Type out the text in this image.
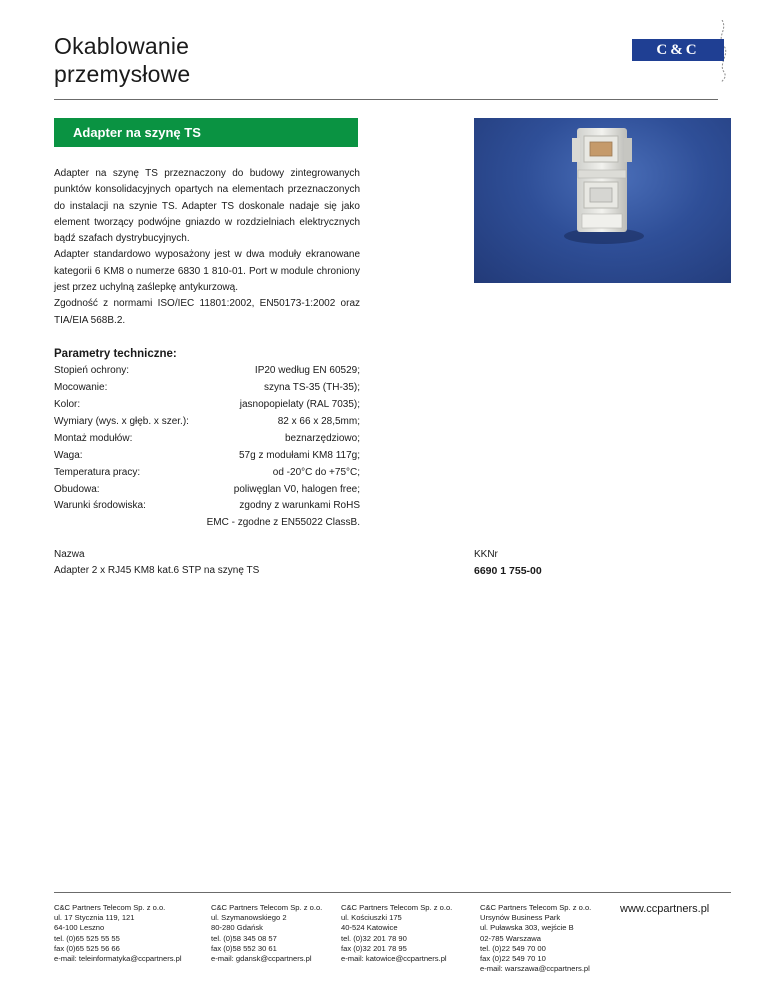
Okablowanie
przemysłowe
C&C
Adapter na szynę TS

Adapter na szynę TS przeznaczony do budowy zintegrowanych punktów konsolidacyjnych opartych na elementach przeznaczonych do instalacji na szynie TS. Adapter TS doskonale nadaje się jako element tworzący podwójne gniazdo w rozdzielniach elektrycznych bądź szafach dystrybucyjnych.

Adapter standardowo wyposażony jest w dwa moduły ekranowane kategorii 6 KM8 o numerze 6830 1 810-01. Port w module chroniony jest przez uchylną zaślepkę antykurzową.

Zgodność z normami ISO/IEC 11801:2002, EN50173-1:2002 oraz TIA/EIA 568B.2.

Parametry techniczne:
Stopień ochrony:	IP20 według EN 60529;
Mocowanie:	szyna TS-35 (TH-35);
Kolor:	jasnopopielaty (RAL 7035);
Wymiary (wys. x głęb. x szer.):	82 x 66 x 28,5mm;
Montaż modułów:	beznarzędziowo;
Waga:	57g z modułami KM8 117g;
Temperatura pracy:	od -20°C do +75°C;
Obudowa:	poliwęglan V0, halogen free;
Warunki środowiska:	zgodny z warunkami RoHS
EMC - zgodne z EN55022 ClassB.
Nazwa
Adapter 2 x RJ45 KM8 kat.6 STP na szynę TS
KKNr
6690 1 755-00
C&C Partners Telecom Sp. z o.o.
ul. 17 Stycznia 119, 121
64-100 Leszno
tel. (0)65 525 55 55
fax (0)65 525 56 66
e-mail: teleinformatyka@ccpartners.pl
C&C Partners Telecom Sp. z o.o.
ul. Szymanowskiego 2
80-280 Gdańsk
tel. (0)58 345 08 57
fax (0)58 552 30 61
e-mail: gdansk@ccpartners.pl
C&C Partners Telecom Sp. z o.o.
ul. Kościuszki 175
40-524 Katowice
tel. (0)32 201 78 90
fax (0)32 201 78 95
e-mail: katowice@ccpartners.pl
C&C Partners Telecom Sp. z o.o.
Ursynów Business Park
ul. Puławska 303, wejście B
02-785 Warszawa
tel. (0)22 549 70 00
fax (0)22 549 70 10
e-mail: warszawa@ccpartners.pl
www.ccpartners.pl
